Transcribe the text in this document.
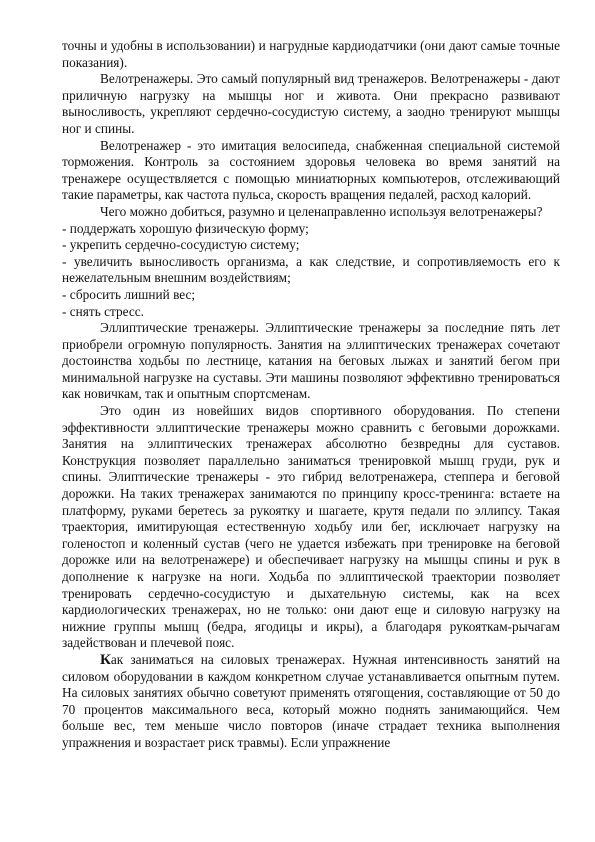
точны и удобны в использовании) и нагрудные кардиодатчики (они дают самые точные показания).

Велотренажеры. Это самый популярный вид тренажеров. Велотренажеры - дают приличную нагрузку на мышцы ног и живота. Они прекрасно развивают выносливость, укрепляют сердечно-сосудистую систему, а заодно тренируют мышцы ног и спины.

Велотренажер - это имитация велосипеда, снабженная специальной системой торможения. Контроль за состоянием здоровья человека во время занятий на тренажере осуществляется с помощью миниатюрных компьютеров, отслеживающий такие параметры, как частота пульса, скорость вращения педалей, расход калорий.

Чего можно добиться, разумно и целенаправленно используя велотренажеры?

- поддержать хорошую физическую форму;

- укрепить сердечно-сосудистую систему;

- увеличить выносливость организма, а как следствие, и сопротивляемость его к нежелательным внешним воздействиям;

- сбросить лишний вес;

- снять стресс.

Эллиптические тренажеры. Эллиптические тренажеры за последние пять лет приобрели огромную популярность. Занятия на эллиптических тренажерах сочетают достоинства ходьбы по лестнице, катания на беговых лыжах и занятий бегом при минимальной нагрузке на суставы. Эти машины позволяют эффективно тренироваться как новичкам, так и опытным спортсменам.

Это один из новейших видов спортивного оборудования. По степени эффективности эллиптические тренажеры можно сравнить с беговыми дорожками. Занятия на эллиптических тренажерах абсолютно безвредны для суставов. Конструкция позволяет параллельно заниматься тренировкой мышц груди, рук и спины. Элиптические тренажеры - это гибрид велотренажера, степпера и беговой дорожки. На таких тренажерах занимаются по принципу кросс-тренинга: встаете на платформу, руками беретесь за рукоятку и шагаете, крутя педали по эллипсу. Такая траектория, имитирующая естественную ходьбу или бег, исключает нагрузку на голеностоп и коленный сустав (чего не удается избежать при тренировке на беговой дорожке или на велотренажере) и обеспечивает нагрузку на мышцы спины и рук в дополнение к нагрузке на ноги. Ходьба по эллиптической траектории позволяет тренировать сердечно-сосудистую и дыхательную системы, как на всех кардиологических тренажерах, но не только: они дают еще и силовую нагрузку на нижние группы мышц (бедра, ягодицы и икры), а благодаря рукояткам-рычагам задействован и плечевой пояс.

Как заниматься на силовых тренажерах. Нужная интенсивность занятий на силовом оборудовании в каждом конкретном случае устанавливается опытным путем. На силовых занятиях обычно советуют применять отягощения, составляющие от 50 до 70 процентов максимального веса, который можно поднять занимающийся. Чем больше вес, тем меньше число повторов (иначе страдает техника выполнения упражнения и возрастает риск травмы). Если упражнение
